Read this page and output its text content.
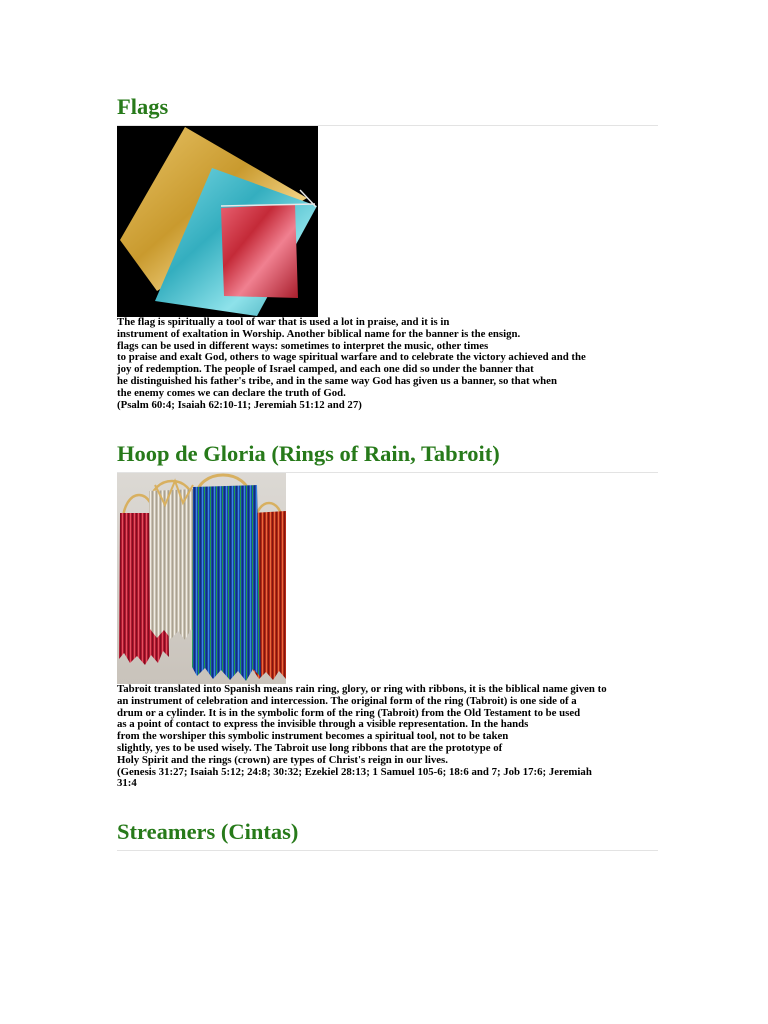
Flags
The flag is spiritually a tool of war that is used a lot in praise, and it is in
instrument of exaltation in Worship. Another biblical name for the banner is the ensign.
flags can be used in different ways: sometimes to interpret the music, other times
to praise and exalt God, others to wage spiritual warfare and to celebrate the victory achieved and the
joy of redemption. The people of Israel camped, and each one did so under the banner that
he distinguished his father's tribe, and in the same way God has given us a banner, so that when
the enemy comes we can declare the truth of God.
(Psalm 60:4; Isaiah 62:10-11; Jeremiah 51:12 and 27)
Hoop de Gloria (Rings of Rain, Tabroit)
Tabroit translated into Spanish means rain ring, glory, or ring with ribbons, it is the biblical name given to
an instrument of celebration and intercession. The original form of the ring (Tabroit) is one side of a
drum or a cylinder. It is in the symbolic form of the ring (Tabroit) from the Old Testament to be used
as a point of contact to express the invisible through a visible representation. In the hands
from the worshiper this symbolic instrument becomes a spiritual tool, not to be taken
slightly, yes to be used wisely. The Tabroit use long ribbons that are the prototype of
Holy Spirit and the rings (crown) are types of Christ's reign in our lives.
(Genesis 31:27; Isaiah 5:12; 24:8; 30:32; Ezekiel 28:13; 1 Samuel 105-6; 18:6 and 7; Job 17:6; Jeremiah
31:4
Streamers (Cintas)
